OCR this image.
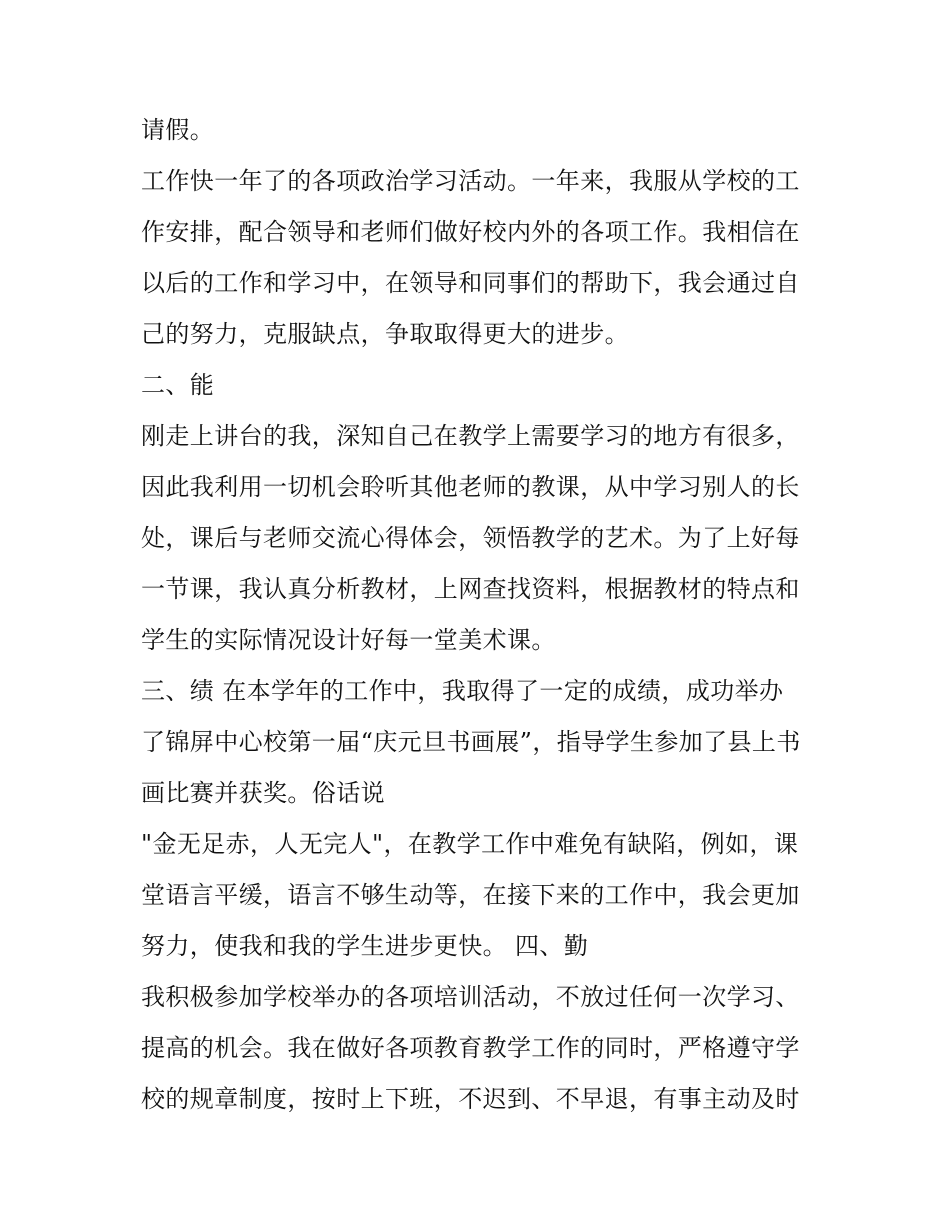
请假。
工作快一年了的各项政治学习活动。一年来，我服从学校的工
作安排，配合领导和老师们做好校内外的各项工作。我相信在
以后的工作和学习中，在领导和同事们的帮助下，我会通过自
己的努力，克服缺点，争取取得更大的进步。
二、能
刚走上讲台的我，深知自己在教学上需要学习的地方有很多，
因此我利用一切机会聆听其他老师的教课，从中学习别人的长
处，课后与老师交流心得体会，领悟教学的艺术。为了上好每
一节课，我认真分析教材，上网查找资料，根据教材的特点和
学生的实际情况设计好每一堂美术课。
三、绩 在本学年的工作中，我取得了一定的成绩，成功举办
了锦屏中心校第一届“庆元旦书画展”，指导学生参加了县上书
画比赛并获奖。俗话说
"金无足赤，人无完人"，在教学工作中难免有缺陷，例如，课
堂语言平缓，语言不够生动等，在接下来的工作中，我会更加
努力，使我和我的学生进步更快。 四、勤
我积极参加学校举办的各项培训活动，不放过任何一次学习、
提高的机会。我在做好各项教育教学工作的同时，严格遵守学
校的规章制度，按时上下班，不迟到、不早退，有事主动及时
